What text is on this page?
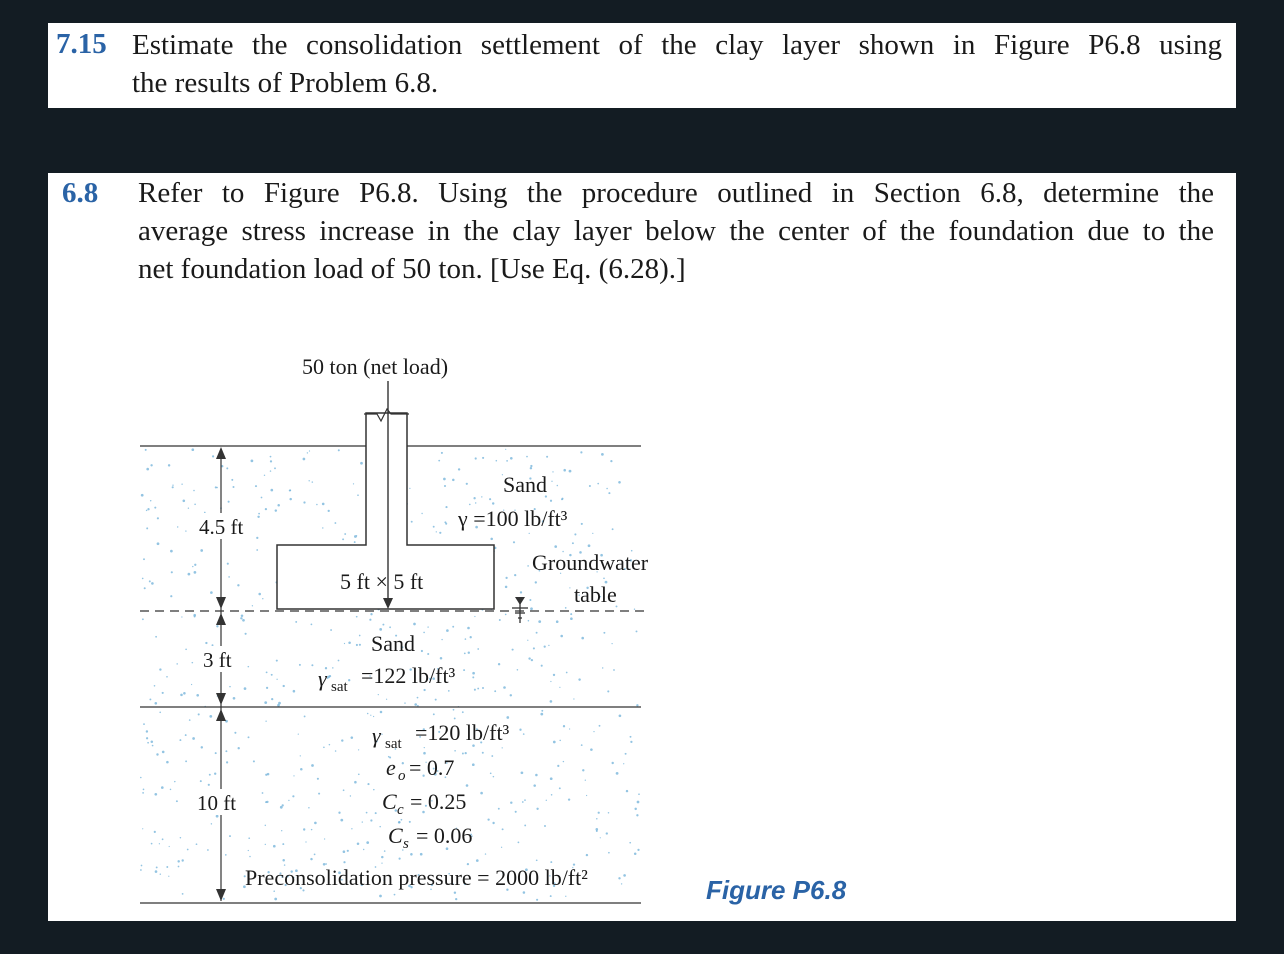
7.15 Estimate the consolidation settlement of the clay layer shown in Figure P6.8 using
the results of Problem 6.8.
6.8 Refer to Figure P6.8. Using the procedure outlined in Section 6.8, determine the
average stress increase in the clay layer below the center of the foundation due to the
net foundation load of 50 ton. [Use Eq. (6.28).]
50 ton (net load)
Sand
γ =100 lb/ft³
5 ft × 5 ft
Groundwater
table
4.5 ft
3 ft
10 ft
Sand
γ sat =122 lb/ft³
γ sat =120 lb/ft³
e o = 0.7
C c = 0.25
C s = 0.06
Preconsolidation pressure = 2000 lb/ft²	Figure P6.8
